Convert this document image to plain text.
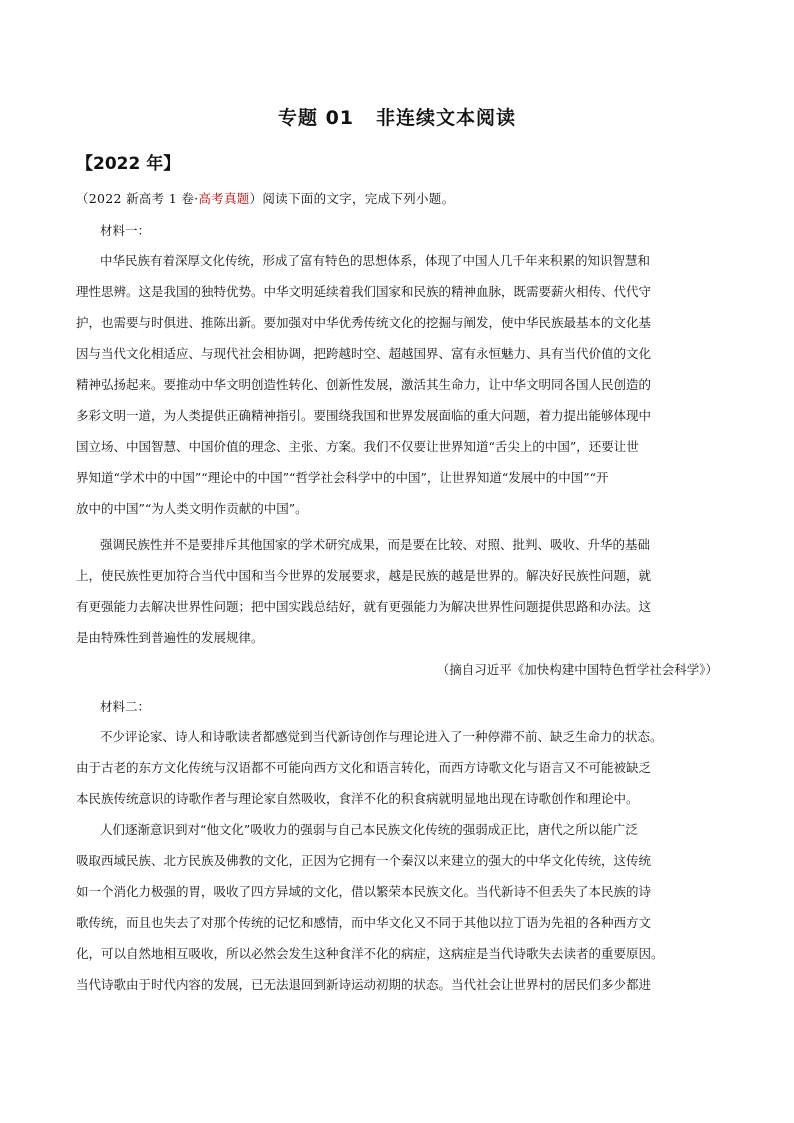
专题 01 非连续文本阅读
【2022 年】
（2022 新高考 1 卷·高考真题）阅读下面的文字，完成下列小题。
材料一：
中华民族有着深厚文化传统，形成了富有特色的思想体系，体现了中国人几千年来积累的知识智慧和
理性思辨。这是我国的独特优势。中华文明延续着我们国家和民族的精神血脉，既需要薪火相传、代代守
护，也需要与时俱进、推陈出新。要加强对中华优秀传统文化的挖掘与阐发，使中华民族最基本的文化基
因与当代文化相适应、与现代社会相协调，把跨越时空、超越国界、富有永恒魅力、具有当代价值的文化
精神弘扬起来。要推动中华文明创造性转化、创新性发展，激活其生命力，让中华文明同各国人民创造的
多彩文明一道，为人类提供正确精神指引。要围绕我国和世界发展面临的重大问题，着力提出能够体现中
国立场、中国智慧、中国价值的理念、主张、方案。我们不仅要让世界知道“舌尖上的中国”，还要让世
界知道“学术中的中国”“理论中的中国”“哲学社会科学中的中国”，让世界知道“发展中的中国”“开
放中的中国”“为人类文明作贡献的中国”。
强调民族性并不是要排斥其他国家的学术研究成果，而是要在比较、对照、批判、吸收、升华的基础
上，使民族性更加符合当代中国和当今世界的发展要求，越是民族的越是世界的。解决好民族性问题，就
有更强能力去解决世界性问题；把中国实践总结好，就有更强能力为解决世界性问题提供思路和办法。这
是由特殊性到普遍性的发展规律。
（摘自习近平《加快构建中国特色哲学社会科学》）
材料二：
不少评论家、诗人和诗歌读者都感觉到当代新诗创作与理论进入了一种停滞不前、缺乏生命力的状态。
由于古老的东方文化传统与汉语都不可能向西方文化和语言转化，而西方诗歌文化与语言又不可能被缺乏
本民族传统意识的诗歌作者与理论家自然吸收，食洋不化的积食病就明显地出现在诗歌创作和理论中。
人们逐渐意识到对“他文化”吸收力的强弱与自己本民族文化传统的强弱成正比，唐代之所以能广泛
吸取西域民族、北方民族及佛教的文化，正因为它拥有一个秦汉以来建立的强大的中华文化传统，这传统
如一个消化力极强的胃，吸收了四方异域的文化，借以繁荣本民族文化。当代新诗不但丢失了本民族的诗
歌传统，而且也失去了对那个传统的记忆和感情，而中华文化又不同于其他以拉丁语为先祖的各种西方文
化，可以自然地相互吸收，所以必然会发生这种食洋不化的病症，这病症是当代诗歌失去读者的重要原因。
当代诗歌由于时代内容的发展，已无法退回到新诗运动初期的状态。当代社会让世界村的居民们多少都进
